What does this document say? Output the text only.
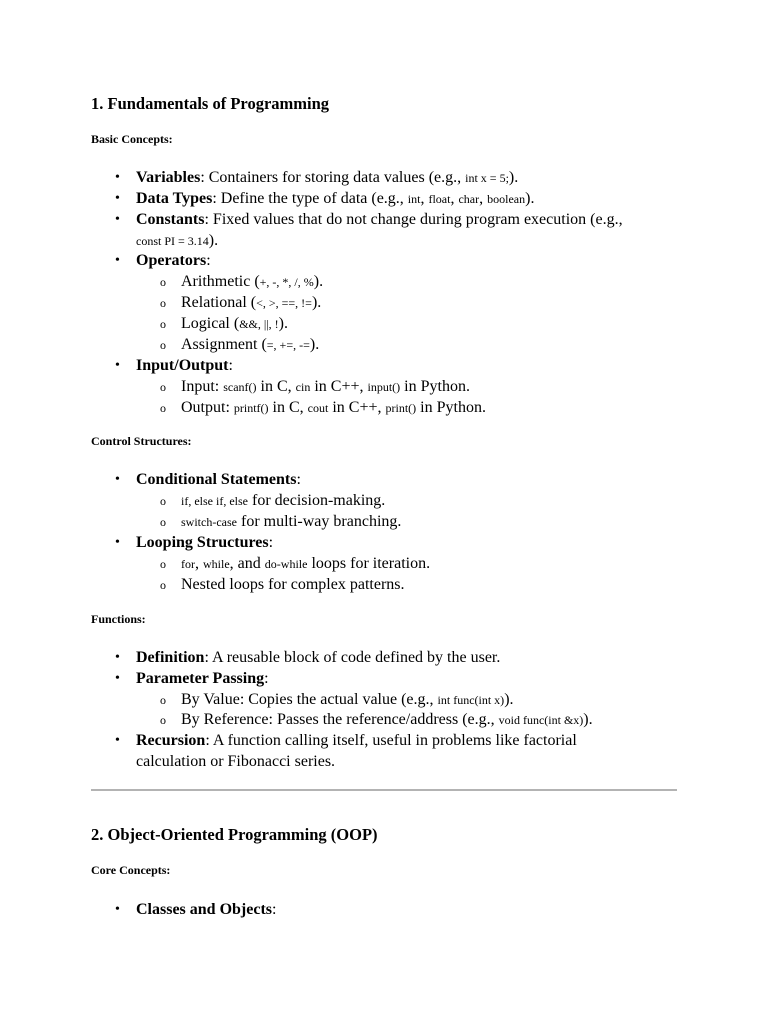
1. Fundamentals of Programming
Basic Concepts:
• Variables: Containers for storing data values (e.g., int x = 5;).
• Data Types: Define the type of data (e.g., int, float, char, boolean).
• Constants: Fixed values that do not change during program execution (e.g.,
const PI = 3.14).
• Operators:
o Arithmetic (+, -, *, /, %).
o Relational (<, >, ==, !=).
o Logical (&&, ||, !).
o Assignment (=, +=, -=).
• Input/Output:
o Input: scanf() in C, cin in C++, input() in Python.
o Output: printf() in C, cout in C++, print() in Python.
Control Structures:
• Conditional Statements:
o if, else if, else for decision-making.
o switch-case for multi-way branching.
• Looping Structures:
o for, while, and do-while loops for iteration.
o Nested loops for complex patterns.
Functions:
• Definition: A reusable block of code defined by the user.
• Parameter Passing:
o By Value: Copies the actual value (e.g., int func(int x)).
o By Reference: Passes the reference/address (e.g., void func(int &x)).
• Recursion: A function calling itself, useful in problems like factorial
calculation or Fibonacci series.
2. Object-Oriented Programming (OOP)
Core Concepts:
• Classes and Objects:
